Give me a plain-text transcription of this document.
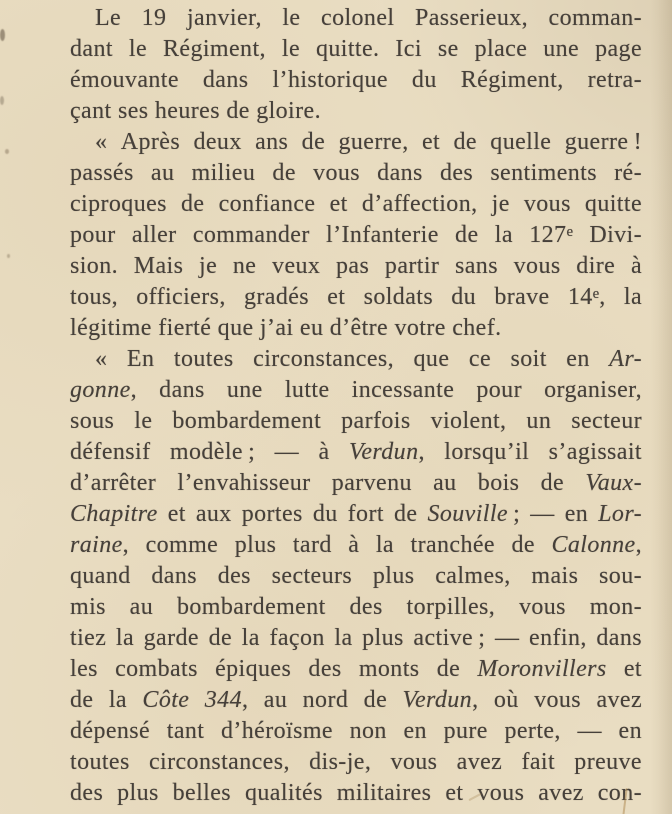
Le 19 janvier, le colonel Passerieux, comman-
dant le Régiment, le quitte. Ici se place une page
émouvante dans l’historique du Régiment, retra-
çant ses heures de gloire.
« Après deux ans de guerre, et de quelle guerre !
passés au milieu de vous dans des sentiments ré-
ciproques de confiance et d’affection, je vous quitte
pour aller commander l’Infanterie de la 127e Divi-
sion. Mais je ne veux pas partir sans vous dire à
tous, officiers, gradés et soldats du brave 14e, la
légitime fierté que j’ai eu d’être votre chef.
« En toutes circonstances, que ce soit en Ar-
gonne, dans une lutte incessante pour organiser,
sous le bombardement parfois violent, un secteur
défensif modèle ; — à Verdun, lorsqu’il s’agissait
d’arrêter l’envahisseur parvenu au bois de Vaux-
Chapitre et aux portes du fort de Souville ; — en Lor-
raine, comme plus tard à la tranchée de Calonne,
quand dans des secteurs plus calmes, mais sou-
mis au bombardement des torpilles, vous mon-
tiez la garde de la façon la plus active ; — enfin, dans
les combats épiques des monts de Moronvillers et
de la Côte 344, au nord de Verdun, où vous avez
dépensé tant d’héroïsme non en pure perte, — en
toutes circonstances, dis-je, vous avez fait preuve
des plus belles qualités militaires et vous avez con-
